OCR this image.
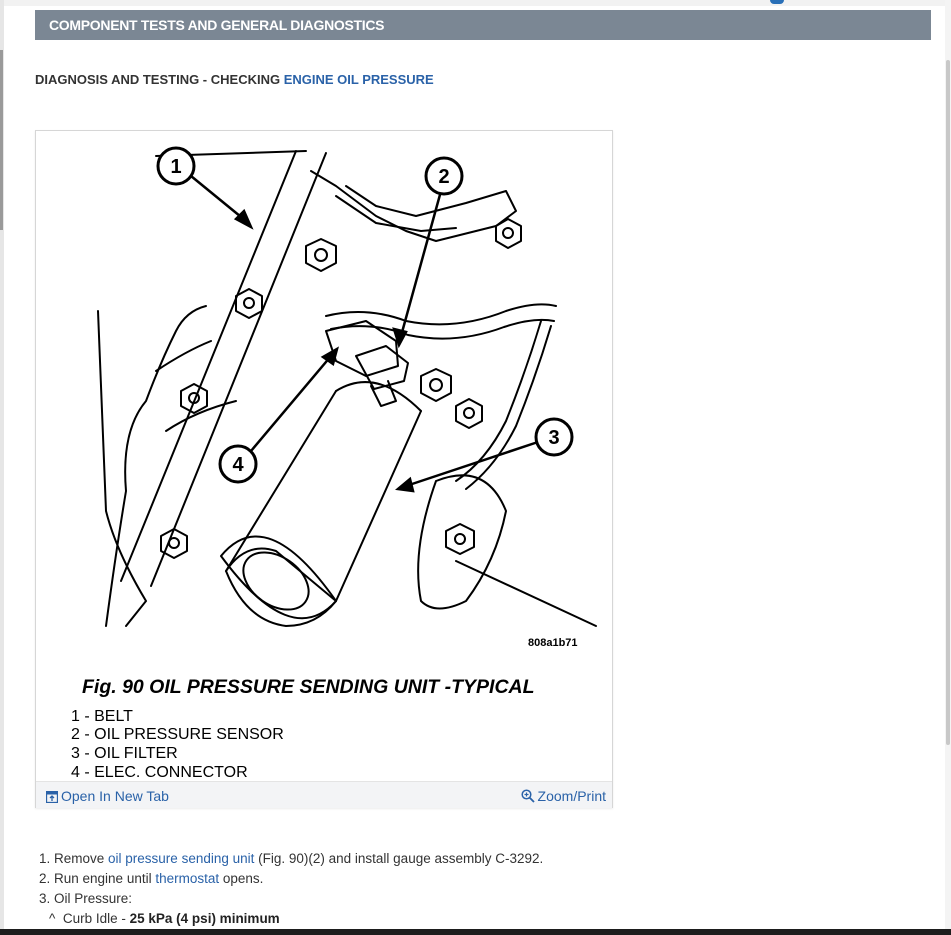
COMPONENT TESTS AND GENERAL DIAGNOSTICS
DIAGNOSIS AND TESTING - CHECKING ENGINE OIL PRESSURE
1	2
3
4
808a1b71
Fig. 90 OIL PRESSURE SENDING UNIT -TYPICAL
1 - BELT
2 - OIL PRESSURE SENSOR
3 - OIL FILTER
4 - ELEC. CONNECTOR
Open In New Tab	Zoom/Print
1. Remove oil pressure sending unit (Fig. 90)(2) and install gauge assembly C-3292.
2. Run engine until thermostat opens.
3. Oil Pressure:
^ Curb Idle - 25 kPa (4 psi) minimum
